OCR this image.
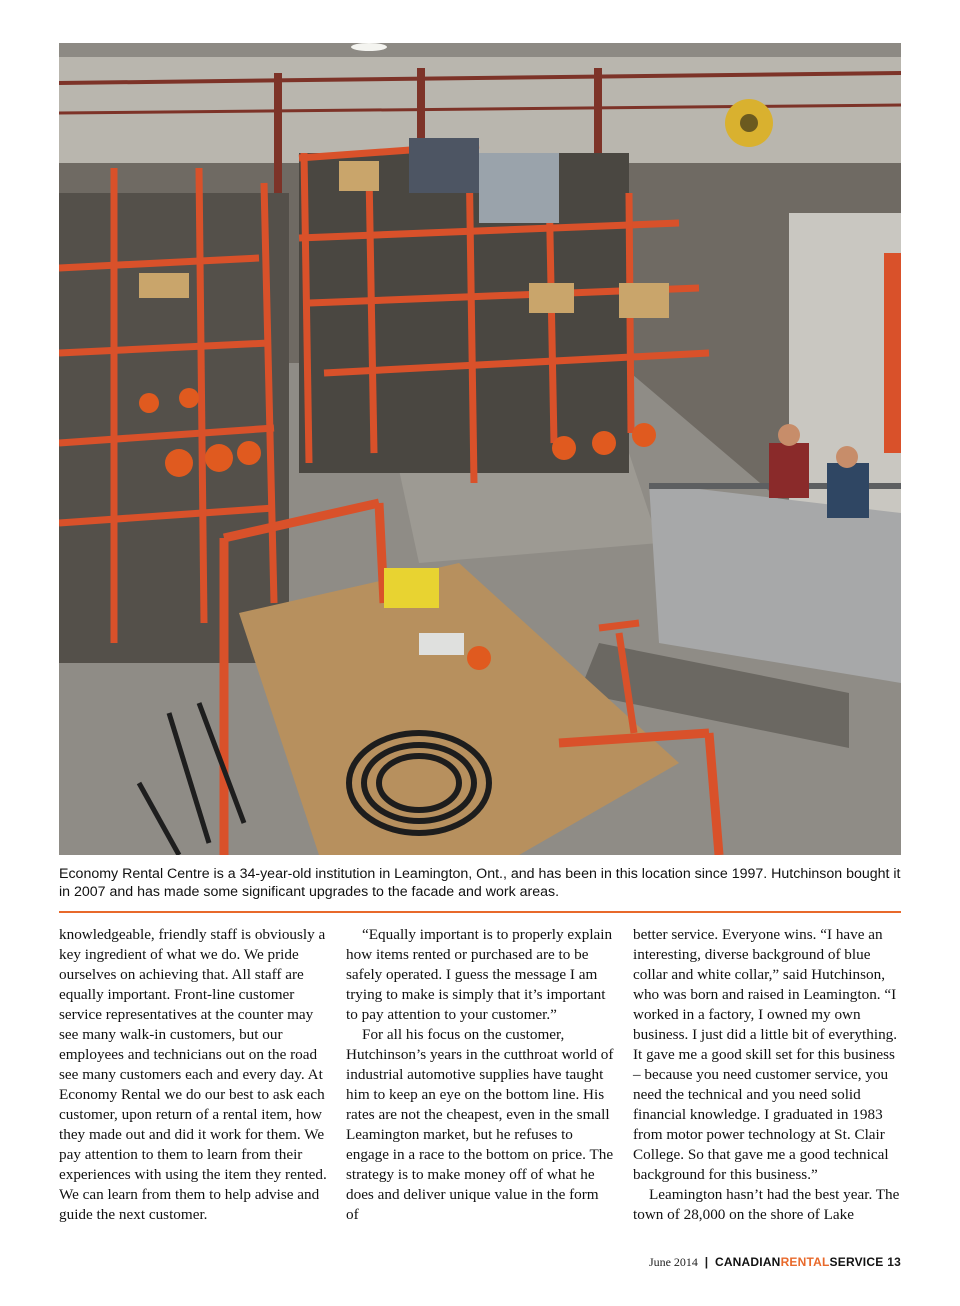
Economy Rental Centre is a 34-year-old institution in Leamington, Ont., and has been in this location since 1997. Hutchinson bought it in 2007 and has made some significant upgrades to the facade and work areas.

knowledgeable, friendly staff is obviously a key ingredient of what we do. We pride ourselves on achieving that. All staff are equally important. Front-line customer service representatives at the counter may see many walk-in customers, but our employees and technicians out on the road see many customers each and every day. At Economy Rental we do our best to ask each customer, upon return of a rental item, how they made out and did it work for them. We pay attention to them to learn from their experiences with using the item they rented. We can learn from them to help advise and guide the next customer.

“Equally important is to properly explain how items rented or purchased are to be safely operated. I guess the message I am trying to make is simply that it’s important to pay attention to your customer.”

For all his focus on the customer, Hutchinson’s years in the cutthroat world of industrial automotive supplies have taught him to keep an eye on the bottom line. His rates are not the cheapest, even in the small Leamington market, but he refuses to engage in a race to the bottom on price. The strategy is to make money off of what he does and deliver unique value in the form of

better service. Everyone wins. “I have an interesting, diverse background of blue collar and white collar,” said Hutchinson, who was born and raised in Leamington. “I worked in a factory, I owned my own business. I just did a little bit of everything. It gave me a good skill set for this business – because you need customer service, you need the technical and you need solid financial knowledge. I graduated in 1983 from motor power technology at St. Clair College. So that gave me a good technical background for this business.”

Leamington hasn’t had the best year. The town of 28,000 on the shore of Lake

June 2014 | CANADIANRENTALSERVICE 13
